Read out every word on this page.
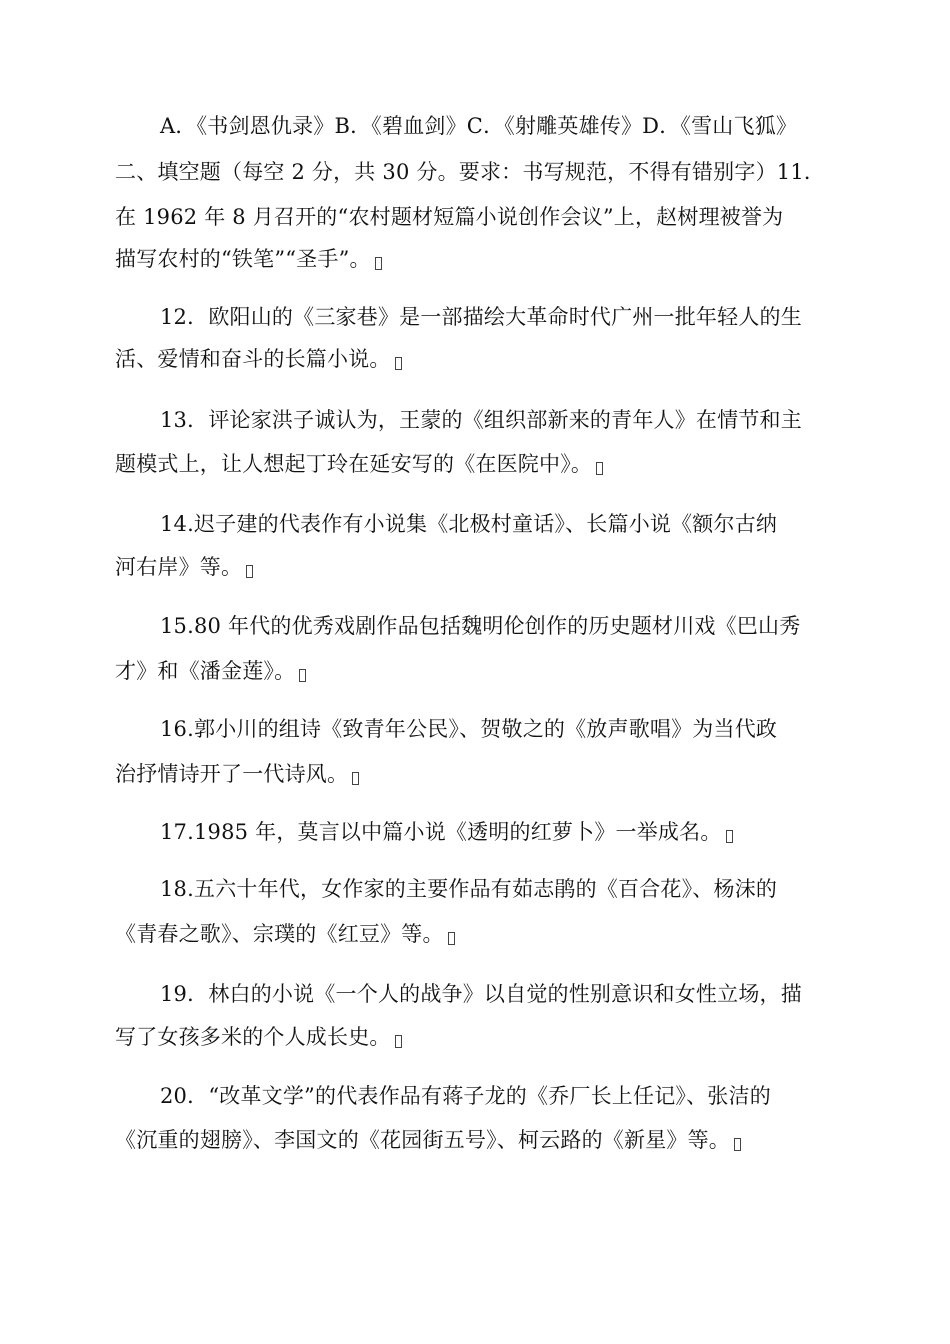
A．《书剑恩仇录》B．《碧血剑》C．《射雕英雄传》D．《雪山飞狐》
二、填空题（每空 2 分，共 30 分。要求：书写规范，不得有错别字）11．
在 1962 年 8 月召开的“农村题材短篇小说创作会议”上，赵树理被誉为
描写农村的“铁笔”“圣手”。
12．欧阳山的《三家巷》是一部描绘大革命时代广州一批年轻人的生
活、爱情和奋斗的长篇小说。
13．评论家洪子诚认为，王蒙的《组织部新来的青年人》在情节和主
题模式上，让人想起丁玲在延安写的《在医院中》。
14.迟子建的代表作有小说集《北极村童话》、长篇小说《额尔古纳
河右岸》等。
15.80 年代的优秀戏剧作品包括魏明伦创作的历史题材川戏《巴山秀
才》和《潘金莲》。
16.郭小川的组诗《致青年公民》、贺敬之的《放声歌唱》为当代政
治抒情诗开了一代诗风。
17.1985 年，莫言以中篇小说《透明的红萝卜》一举成名。
18.五六十年代，女作家的主要作品有茹志鹃的《百合花》、杨沫的
《青春之歌》、宗璞的《红豆》等。
19．林白的小说《一个人的战争》以自觉的性别意识和女性立场，描
写了女孩多米的个人成长史。
20．“改革文学”的代表作品有蒋子龙的《乔厂长上任记》、张洁的
《沉重的翅膀》、李国文的《花园街五号》、柯云路的《新星》等。
